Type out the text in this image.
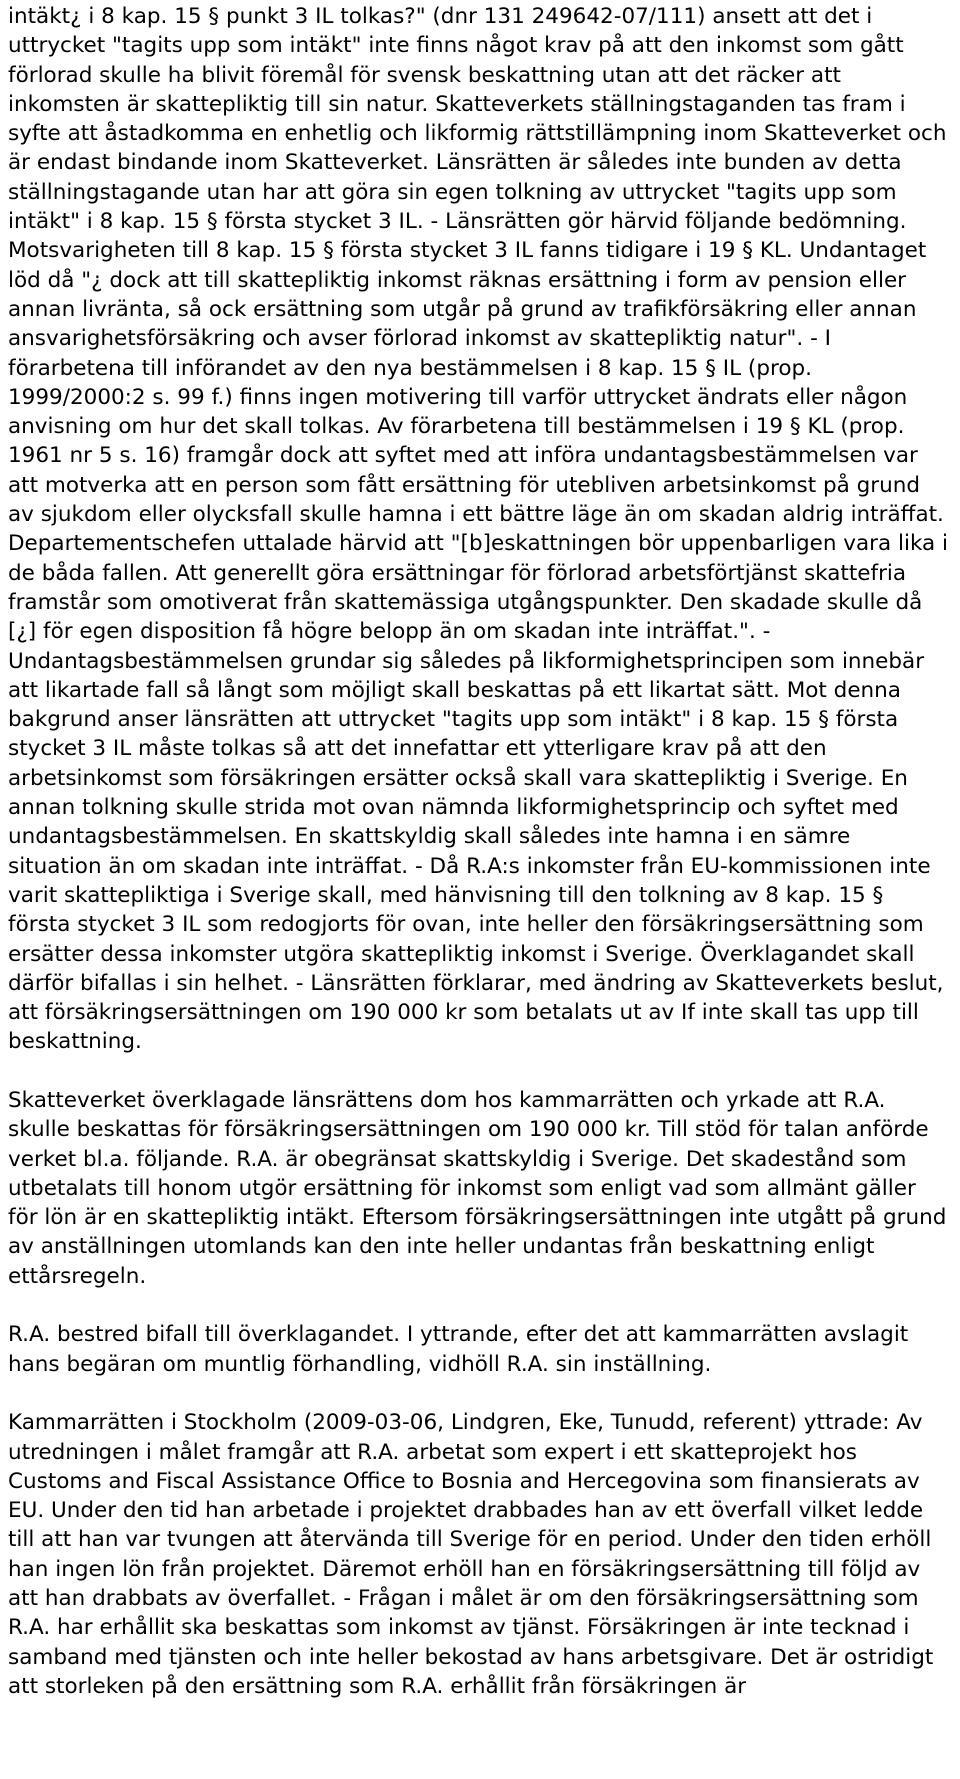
intäkt¿ i 8 kap. 15 § punkt 3 IL tolkas?" (dnr 131 249642-07/111) ansett att det i uttrycket "tagits upp som intäkt" inte finns något krav på att den inkomst som gått förlorad skulle ha blivit föremål för svensk beskattning utan att det räcker att inkomsten är skattepliktig till sin natur. Skatteverkets ställningstaganden tas fram i syfte att åstadkomma en enhetlig och likformig rättstillämpning inom Skatteverket och är endast bindande inom Skatteverket. Länsrätten är således inte bunden av detta ställningstagande utan har att göra sin egen tolkning av uttrycket "tagits upp som intäkt" i 8 kap. 15 § första stycket 3 IL. - Länsrätten gör härvid följande bedömning. Motsvarigheten till 8 kap. 15 § första stycket 3 IL fanns tidigare i 19 § KL. Undantaget löd då "¿ dock att till skattepliktig inkomst räknas ersättning i form av pension eller annan livränta, så ock ersättning som utgår på grund av trafikförsäkring eller annan ansvarighetsförsäkring och avser förlorad inkomst av skattepliktig natur". - I förarbetena till införandet av den nya bestämmelsen i 8 kap. 15 § IL (prop. 1999/2000:2 s. 99 f.) finns ingen motivering till varför uttrycket ändrats eller någon anvisning om hur det skall tolkas. Av förarbetena till bestämmelsen i 19 § KL (prop. 1961 nr 5 s. 16) framgår dock att syftet med att införa undantagsbestämmelsen var att motverka att en person som fått ersättning för utebliven arbetsinkomst på grund av sjukdom eller olycksfall skulle hamna i ett bättre läge än om skadan aldrig inträffat. Departementschefen uttalade härvid att "[b]eskattningen bör uppenbarligen vara lika i de båda fallen. Att generellt göra ersättningar för förlorad arbetsförtjänst skattefria framstår som omotiverat från skattemässiga utgångspunkter. Den skadade skulle då [¿] för egen disposition få högre belopp än om skadan inte inträffat.". - Undantagsbestämmelsen grundar sig således på likformighetsprincipen som innebär att likartade fall så långt som möjligt skall beskattas på ett likartat sätt. Mot denna bakgrund anser länsrätten att uttrycket "tagits upp som intäkt" i 8 kap. 15 § första stycket 3 IL måste tolkas så att det innefattar ett ytterligare krav på att den arbetsinkomst som försäkringen ersätter också skall vara skattepliktig i Sverige. En annan tolkning skulle strida mot ovan nämnda likformighetsprincip och syftet med undantagsbestämmelsen. En skattskyldig skall således inte hamna i en sämre situation än om skadan inte inträffat. - Då R.A:s inkomster från EU-kommissionen inte varit skattepliktiga i Sverige skall, med hänvisning till den tolkning av 8 kap. 15 § första stycket 3 IL som redogjorts för ovan, inte heller den försäkringsersättning som ersätter dessa inkomster utgöra skattepliktig inkomst i Sverige. Överklagandet skall därför bifallas i sin helhet. - Länsrätten förklarar, med ändring av Skatteverkets beslut, att försäkringsersättningen om 190 000 kr som betalats ut av If inte skall tas upp till beskattning.

Skatteverket överklagade länsrättens dom hos kammarrätten och yrkade att R.A. skulle beskattas för försäkringsersättningen om 190 000 kr. Till stöd för talan anförde verket bl.a. följande. R.A. är obegränsat skattskyldig i Sverige. Det skadestånd som utbetalats till honom utgör ersättning för inkomst som enligt vad som allmänt gäller för lön är en skattepliktig intäkt. Eftersom försäkringsersättningen inte utgått på grund av anställningen utomlands kan den inte heller undantas från beskattning enligt ettårsregeln.

R.A. bestred bifall till överklagandet. I yttrande, efter det att kammarrätten avslagit hans begäran om muntlig förhandling, vidhöll R.A. sin inställning.

Kammarrätten i Stockholm (2009-03-06, Lindgren, Eke, Tunudd, referent) yttrade: Av utredningen i målet framgår att R.A. arbetat som expert i ett skatteprojekt hos Customs and Fiscal Assistance Office to Bosnia and Hercegovina som finansierats av EU. Under den tid han arbetade i projektet drabbades han av ett överfall vilket ledde till att han var tvungen att återvända till Sverige för en period. Under den tiden erhöll han ingen lön från projektet. Däremot erhöll han en försäkringsersättning till följd av att han drabbats av överfallet. - Frågan i målet är om den försäkringsersättning som R.A. har erhållit ska beskattas som inkomst av tjänst. Försäkringen är inte tecknad i samband med tjänsten och inte heller bekostad av hans arbetsgivare. Det är ostridigt att storleken på den ersättning som R.A. erhållit från försäkringen är
